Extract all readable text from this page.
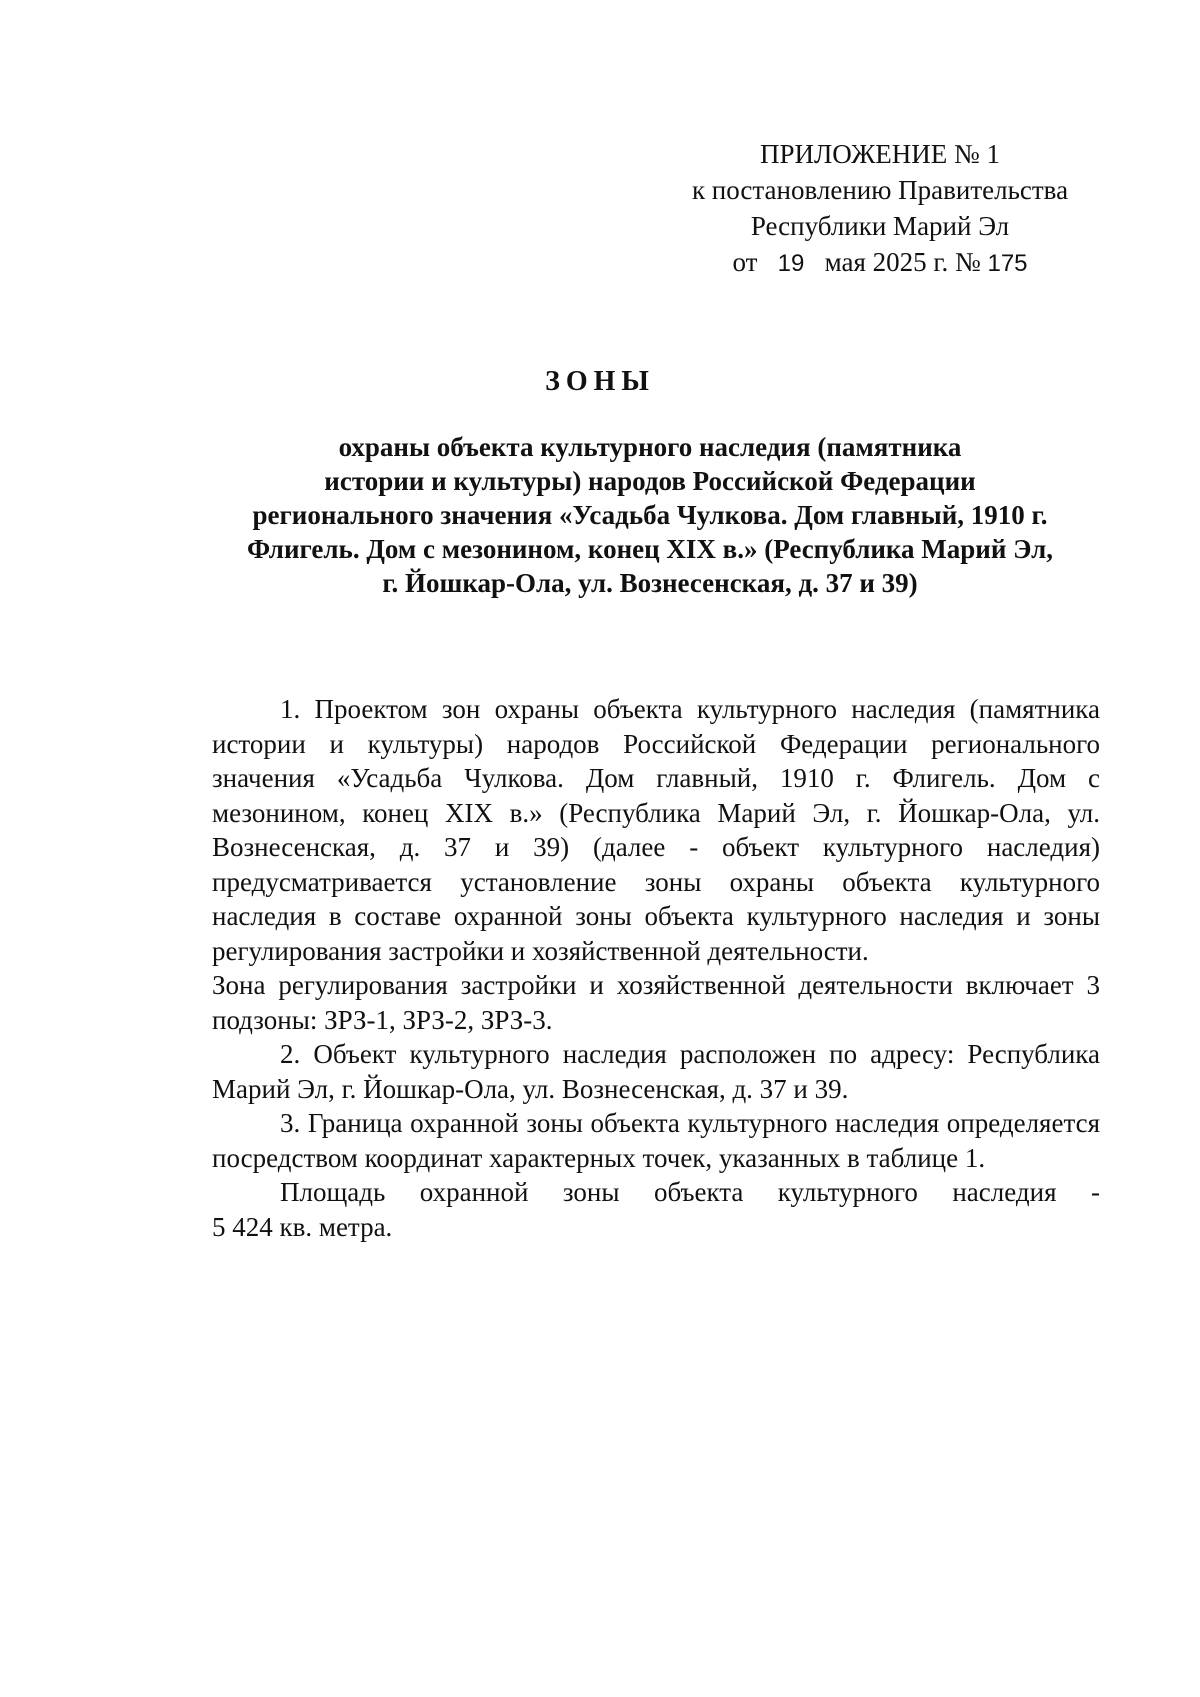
ПРИЛОЖЕНИЕ № 1
к постановлению Правительства
Республики Марий Эл
от 19 мая 2025 г. № 175
ЗОНЫ
охраны объекта культурного наследия (памятника
истории и культуры) народов Российской Федерации
регионального значения «Усадьба Чулкова. Дом главный, 1910 г.
Флигель. Дом с мезонином, конец XIX в.» (Республика Марий Эл,
г. Йошкар-Ола, ул. Вознесенская, д. 37 и 39)

1. Проектом зон охраны объекта культурного наследия (памятника истории и культуры) народов Российской Федерации регионального значения «Усадьба Чулкова. Дом главный, 1910 г. Флигель. Дом с мезонином, конец XIX в.» (Республика Марий Эл, г. Йошкар-Ола, ул. Вознесенская, д. 37 и 39) (далее - объект культурного наследия) предусматривается установление зоны охраны объекта культурного наследия в составе охранной зоны объекта культурного наследия и зоны регулирования застройки и хозяйственной деятельности.

Зона регулирования застройки и хозяйственной деятельности включает 3 подзоны: ЗРЗ-1, ЗРЗ-2, ЗРЗ-3.

2. Объект культурного наследия расположен по адресу: Республика Марий Эл, г. Йошкар-Ола, ул. Вознесенская, д. 37 и 39.

3. Граница охранной зоны объекта культурного наследия определяется посредством координат характерных точек, указанных в таблице 1.

Площадь охранной зоны объекта культурного наследия -
5 424 кв. метра.
